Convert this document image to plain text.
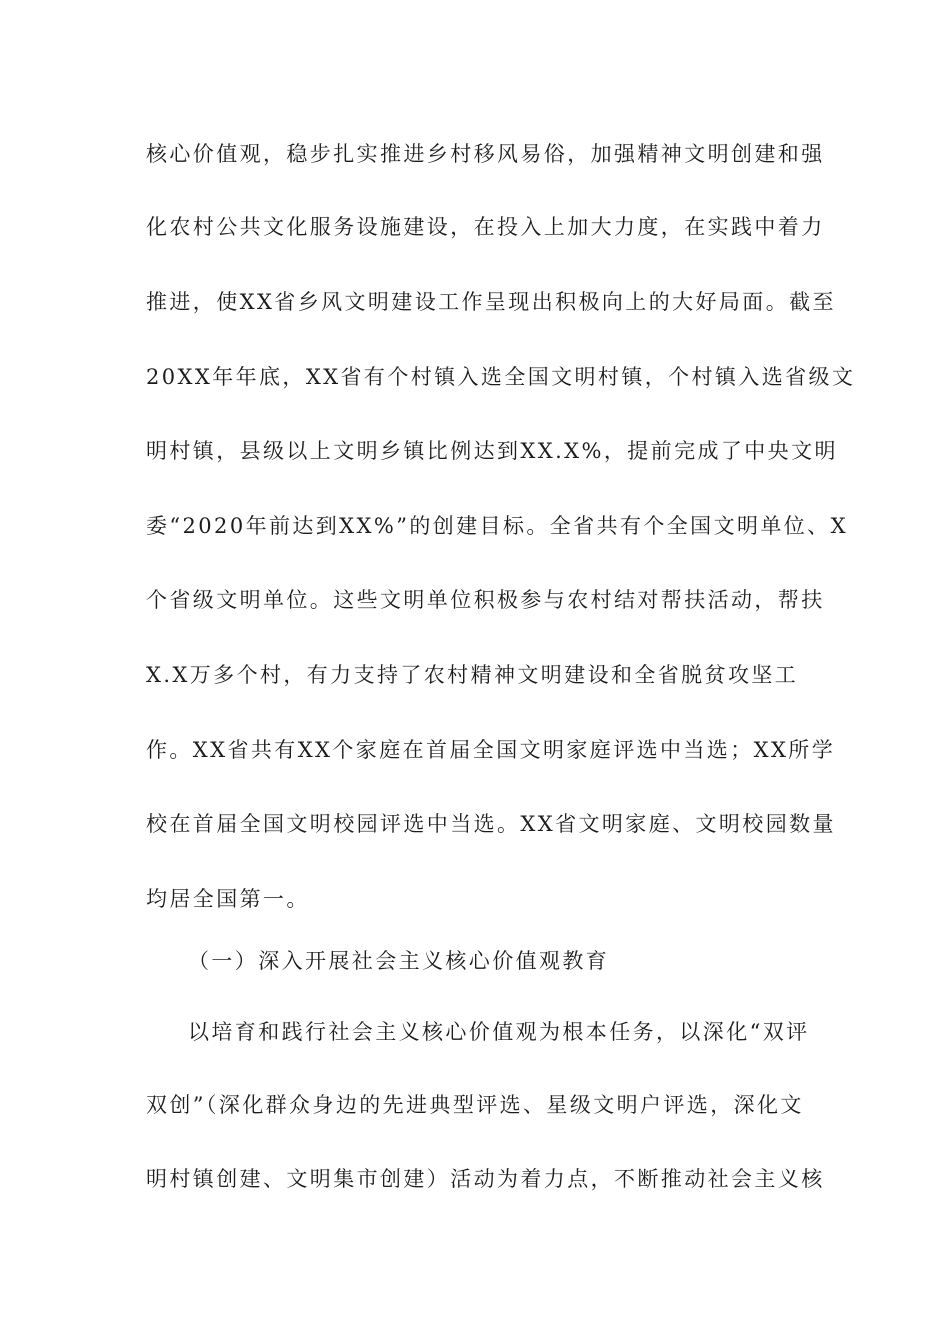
核心价值观，稳步扎实推进乡村移风易俗，加强精神文明创建和强
化农村公共文化服务设施建设，在投入上加大力度，在实践中着力
推进，使XX省乡风文明建设工作呈现出积极向上的大好局面。截至
20XX年年底，XX省有个村镇入选全国文明村镇，个村镇入选省级文
明村镇，县级以上文明乡镇比例达到XX.X%，提前完成了中央文明
委“2020年前达到XX%”的创建目标。全省共有个全国文明单位、X
个省级文明单位。这些文明单位积极参与农村结对帮扶活动，帮扶
X.X万多个村，有力支持了农村精神文明建设和全省脱贫攻坚工
作。XX省共有XX个家庭在首届全国文明家庭评选中当选；XX所学
校在首届全国文明校园评选中当选。XX省文明家庭、文明校园数量
均居全国第一。
（一）深入开展社会主义核心价值观教育
以培育和践行社会主义核心价值观为根本任务，以深化“双评
双创”（深化群众身边的先进典型评选、星级文明户评选，深化文
明村镇创建、文明集市创建）活动为着力点，不断推动社会主义核
